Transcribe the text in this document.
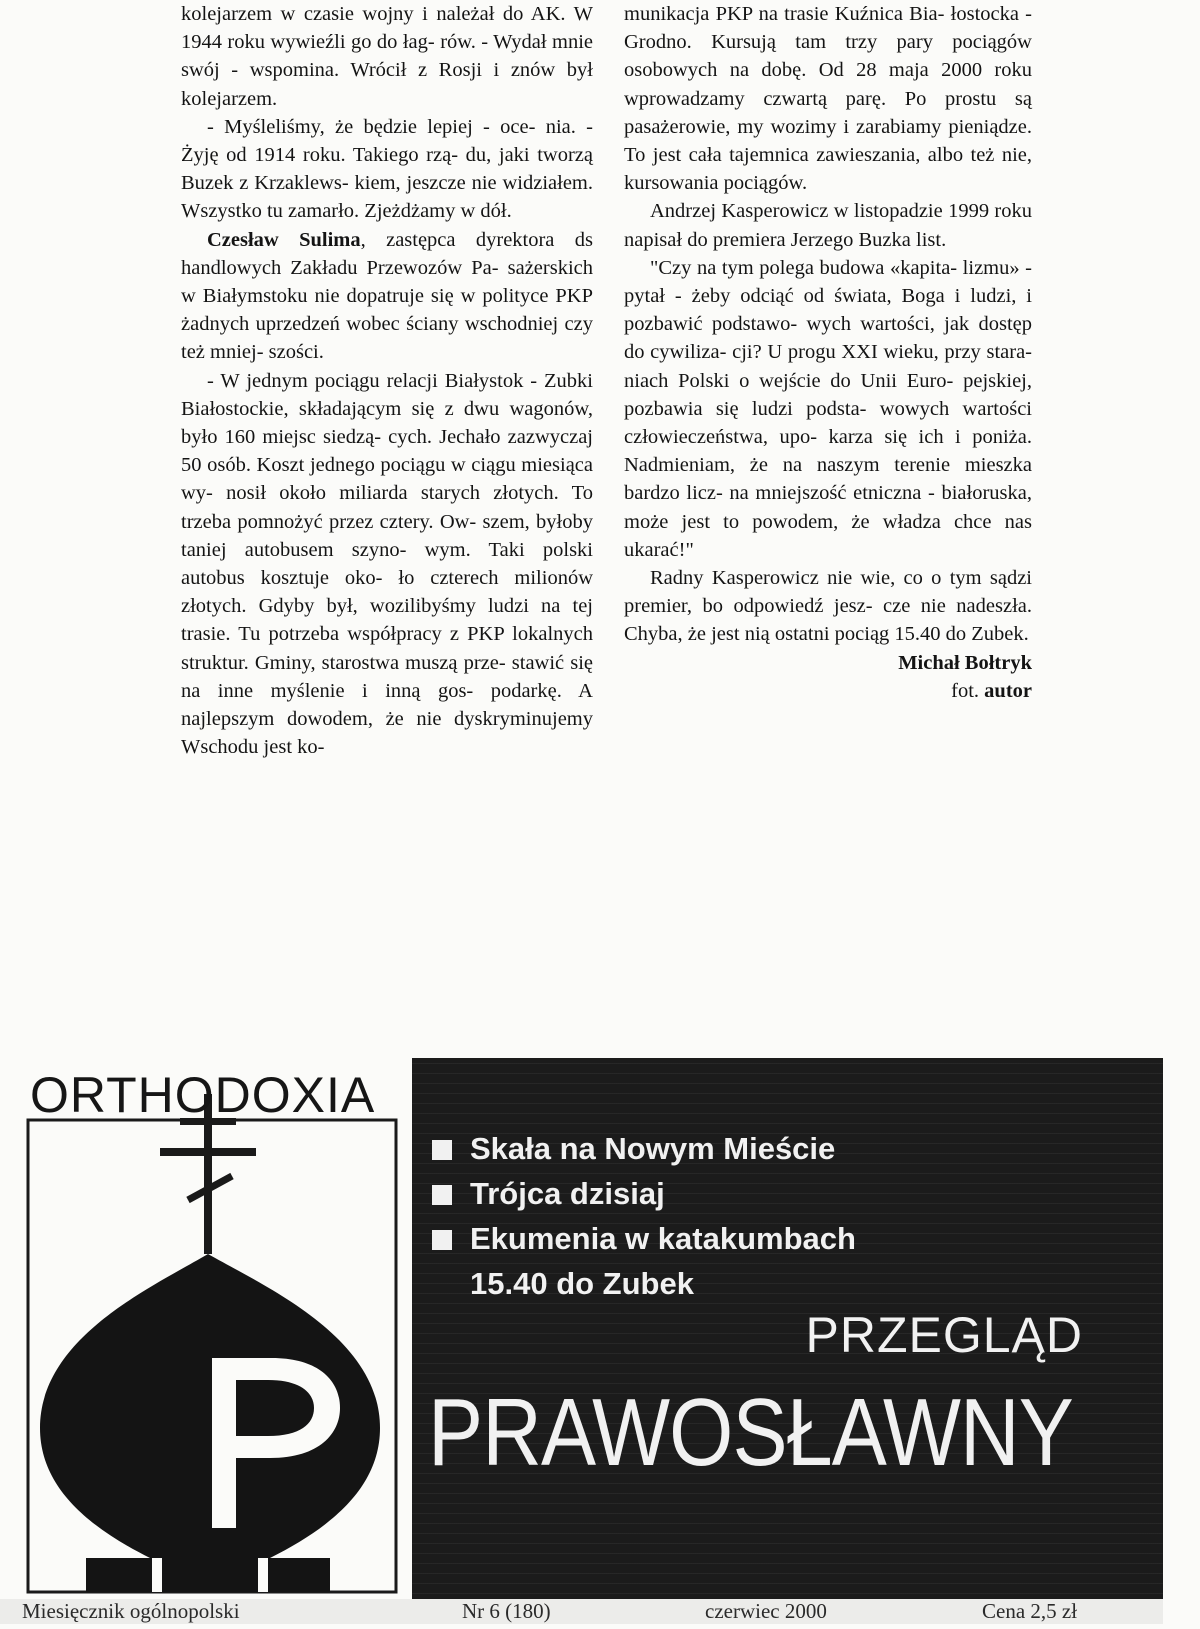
kolejarzem w czasie wojny i należał do AK. W 1944 roku wywieźli go do łag- rów. - Wydał mnie swój - wspomina. Wrócił z Rosji i znów był kolejarzem.

- Myśleliśmy, że będzie lepiej - oce- nia. - Żyję od 1914 roku. Takiego rzą- du, jaki tworzą Buzek z Krzaklews- kiem, jeszcze nie widziałem. Wszystko tu zamarło. Zjeżdżamy w dół.

Czesław Sulima, zastępca dyrektora ds handlowych Zakładu Przewozów Pa- sażerskich w Białymstoku nie dopatruje się w polityce PKP żadnych uprzedzeń wobec ściany wschodniej czy też mniej- szości.

- W jednym pociągu relacji Białystok - Zubki Białostockie, składającym się z dwu wagonów, było 160 miejsc siedzą- cych. Jechało zazwyczaj 50 osób. Koszt jednego pociągu w ciągu miesiąca wy- nosił około miliarda starych złotych. To trzeba pomnożyć przez cztery. Ow- szem, byłoby taniej autobusem szyno- wym. Taki polski autobus kosztuje oko- ło czterech milionów złotych. Gdyby był, wozilibyśmy ludzi na tej trasie. Tu potrzeba współpracy z PKP lokalnych struktur. Gminy, starostwa muszą prze- stawić się na inne myślenie i inną gos- podarkę. A najlepszym dowodem, że nie dyskryminujemy Wschodu jest ko-

munikacja PKP na trasie Kuźnica Bia- łostocka - Grodno. Kursują tam trzy pary pociągów osobowych na dobę. Od 28 maja 2000 roku wprowadzamy czwartą parę. Po prostu są pasażerowie, my wozimy i zarabiamy pieniądze. To jest cała tajemnica zawieszania, albo też nie, kursowania pociągów.

Andrzej Kasperowicz w listopadzie 1999 roku napisał do premiera Jerzego Buzka list.

"Czy na tym polega budowa «kapita- lizmu» - pytał - żeby odciąć od świata, Boga i ludzi, i pozbawić podstawo- wych wartości, jak dostęp do cywiliza- cji? U progu XXI wieku, przy stara- niach Polski o wejście do Unii Euro- pejskiej, pozbawia się ludzi podsta- wowych wartości człowieczeństwa, upo- karza się ich i poniża. Nadmieniam, że na naszym terenie mieszka bardzo licz- na mniejszość etniczna - białoruska, może jest to powodem, że władza chce nas ukarać!"

Radny Kasperowicz nie wie, co o tym sądzi premier, bo odpowiedź jesz- cze nie nadeszła. Chyba, że jest nią ostatni pociąg 15.40 do Zubek.

Michał Bołtryk

fot. autor

ORTHODOXIA
Skała na Nowym Mieście
Trójca dzisiaj
Ekumenia w katakumbach
15.40 do Zubek
PRZEGLĄD
PRAWOSŁAWNY
Miesięcznik ogólnopolski	Nr 6 (180)	czerwiec 2000	Cena 2,5 zł
